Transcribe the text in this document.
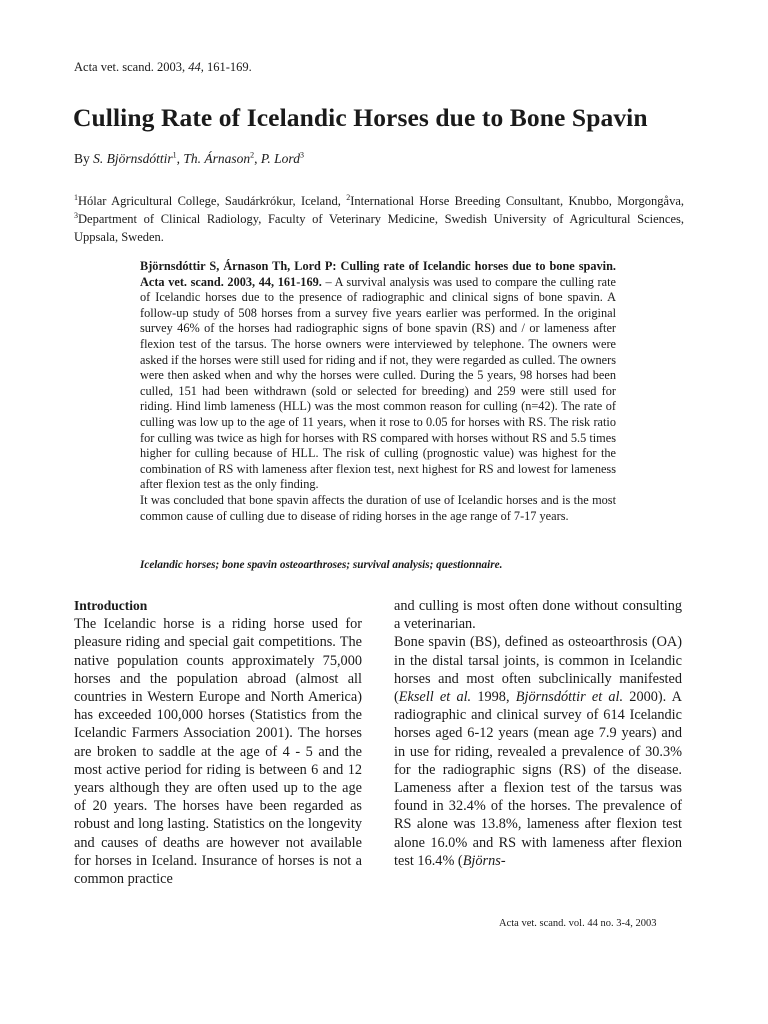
Acta vet. scand. 2003, 44, 161-169.
Culling Rate of Icelandic Horses due to Bone Spavin
By S. Björnsdóttir$^1$, Th. Árnason$^2$, P. Lord$^3$
$^1$Hólar Agricultural College, Saudárkrókur, Iceland, $^2$International Horse Breeding Consultant, Knubbo, Morgongåva, $^3$Department of Clinical Radiology, Faculty of Veterinary Medicine, Swedish University of Agricultural Sciences, Uppsala, Sweden.

Björnsdóttir S, Árnason Th, Lord P: Culling rate of Icelandic horses due to bone spavin. Acta vet. scand. 2003, 44, 161-169. – A survival analysis was used to compare the culling rate of Icelandic horses due to the presence of radiographic and clinical signs of bone spavin. A follow-up study of 508 horses from a survey five years earlier was performed. In the original survey 46% of the horses had radiographic signs of bone spavin (RS) and / or lameness after flexion test of the tarsus. The horse owners were interviewed by telephone. The owners were asked if the horses were still used for riding and if not, they were regarded as culled. The owners were then asked when and why the horses were culled. During the 5 years, 98 horses had been culled, 151 had been withdrawn (sold or selected for breeding) and 259 were still used for riding. Hind limb lameness (HLL) was the most common reason for culling (n=42). The rate of culling was low up to the age of 11 years, when it rose to 0.05 for horses with RS. The risk ratio for culling was twice as high for horses with RS compared with horses without RS and 5.5 times higher for culling because of HLL. The risk of culling (prognostic value) was highest for the combination of RS with lameness after flexion test, next highest for RS and lowest for lameness after flexion test as the only finding.

It was concluded that bone spavin affects the duration of use of Icelandic horses and is the most common cause of culling due to disease of riding horses in the age range of 7-17 years.

Icelandic horses; bone spavin osteoarthroses; survival analysis; questionnaire.
Introduction

The Icelandic horse is a riding horse used for pleasure riding and special gait competitions. The native population counts approximately 75,000 horses and the population abroad (almost all countries in Western Europe and North America) has exceeded 100,000 horses (Statistics from the Icelandic Farmers Association 2001). The horses are broken to saddle at the age of 4 - 5 and the most active period for riding is between 6 and 12 years although they are often used up to the age of 20 years. The horses have been regarded as robust and long lasting. Statistics on the longevity and causes of deaths are however not available for horses in Iceland. Insurance of horses is not a common practice

and culling is most often done without consulting a veterinarian.

Bone spavin (BS), defined as osteoarthrosis (OA) in the distal tarsal joints, is common in Icelandic horses and most often subclinically manifested (Eksell et al. 1998, Björnsdóttir et al. 2000). A radiographic and clinical survey of 614 Icelandic horses aged 6-12 years (mean age 7.9 years) and in use for riding, revealed a prevalence of 30.3% for the radiographic signs (RS) of the disease. Lameness after a flexion test of the tarsus was found in 32.4% of the horses. The prevalence of RS alone was 13.8%, lameness after flexion test alone 16.0% and RS with lameness after flexion test 16.4% (Björns-

Acta vet. scand. vol. 44 no. 3-4, 2003
